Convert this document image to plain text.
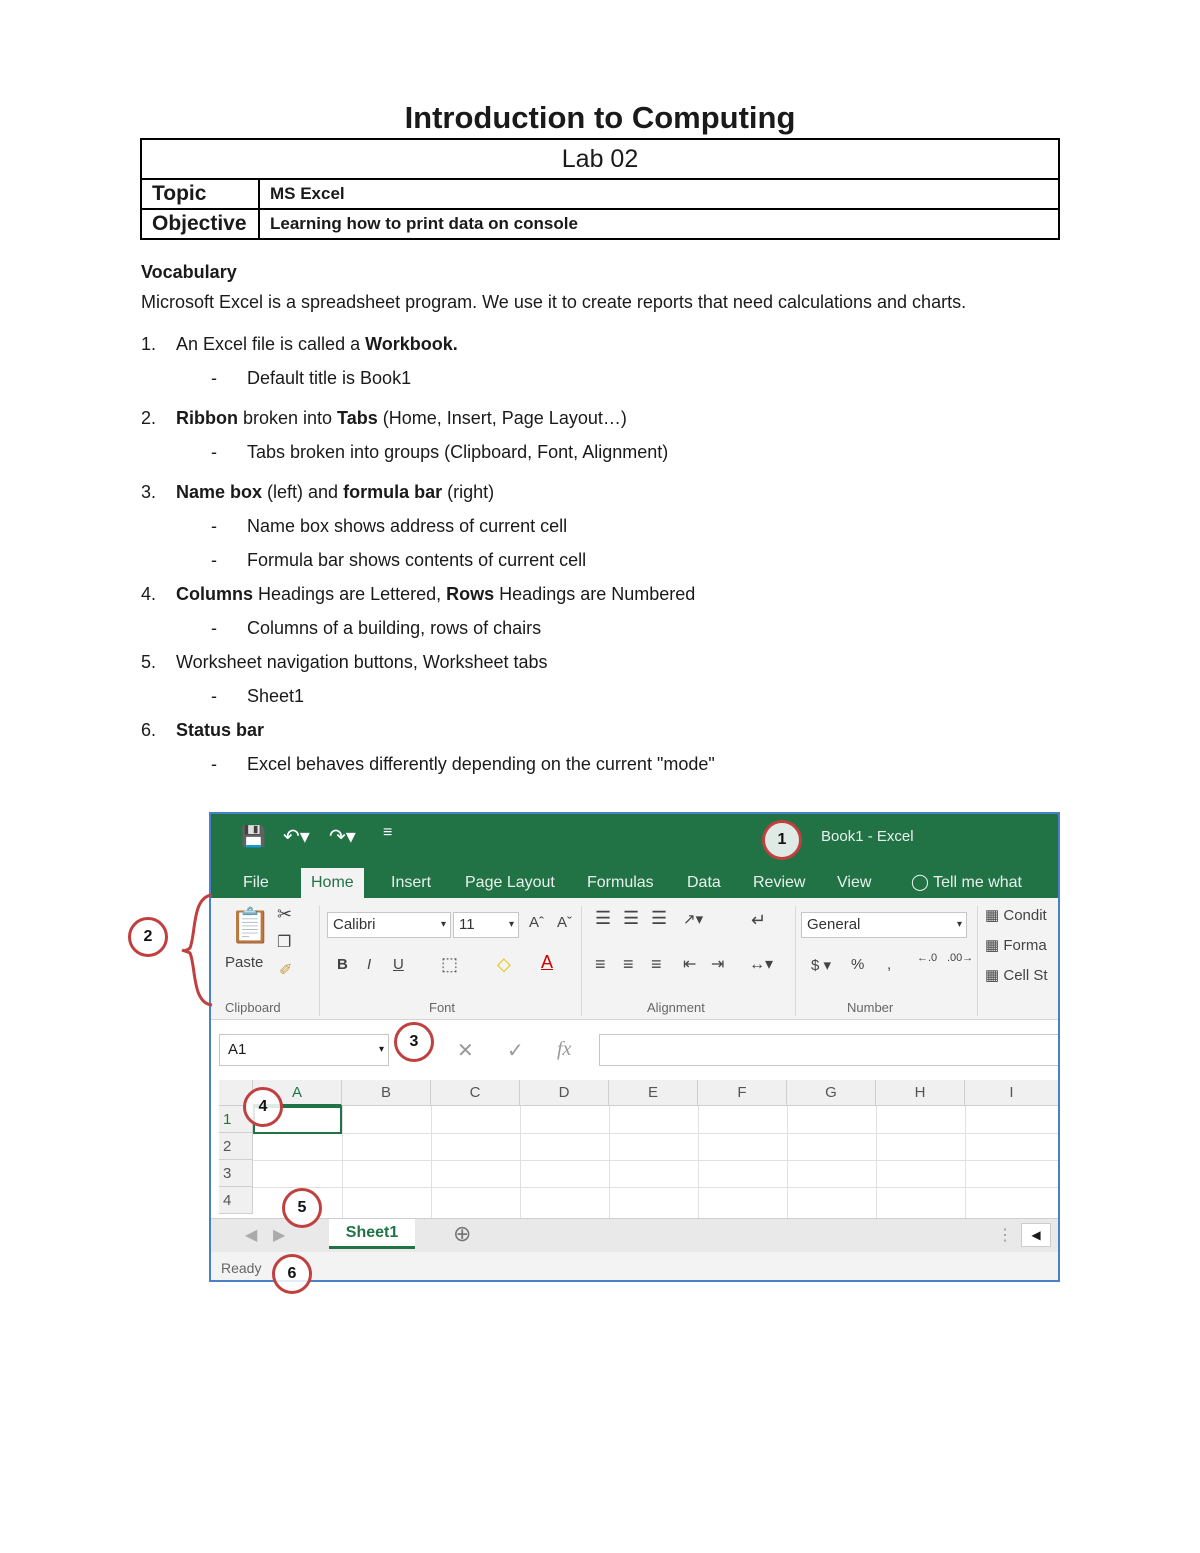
Introduction to Computing
Lab 02	
Topic	MS Excel
Objective	Learning how to print data on console
Vocabulary
Microsoft Excel is a spreadsheet program. We use it to create reports that need calculations and charts.
1.	An Excel file is called a Workbook.
-	Default title is Book1
2.	Ribbon broken into Tabs (Home, Insert, Page Layout…)
-	Tabs broken into groups (Clipboard, Font, Alignment)
3.	Name box (left) and formula bar (right)
-	Name box shows address of current cell
-	Formula bar shows contents of current cell
4.	Columns Headings are Lettered, Rows Headings are Numbered
-	Columns of a building, rows of chairs
5.	Worksheet navigation buttons, Worksheet tabs
-	Sheet1
6.	Status bar
-	Excel behaves differently depending on the current "mode"
💾 ↶▾ ↷▾ ≡	Book1 - Excel
File	Home	Insert	Page Layout	Formulas	Data	Review	View	◯ Tell me what
📋
Paste
✂
❐
✐
Clipboard
Calibri	▾ 11	▾ Aˆ Aˇ
B I U ⬚ ◇ A
Font
☰ ☰ ☰ ↗▾
≡ ≡ ≡ ⇤ ⇥
↵
↔▾
Alignment
General	▾
$ ▾ % , ←.0 .00→
Number
▦ Condit
▦ Forma
▦ Cell St
A1	▾	✕ ✓ fx
A	B	C	D	E	F	G	H	I
1
2
3
4
◀ ▶	Sheet1	⊕	⋮	◀
Ready
1
2
3
4
5
6
